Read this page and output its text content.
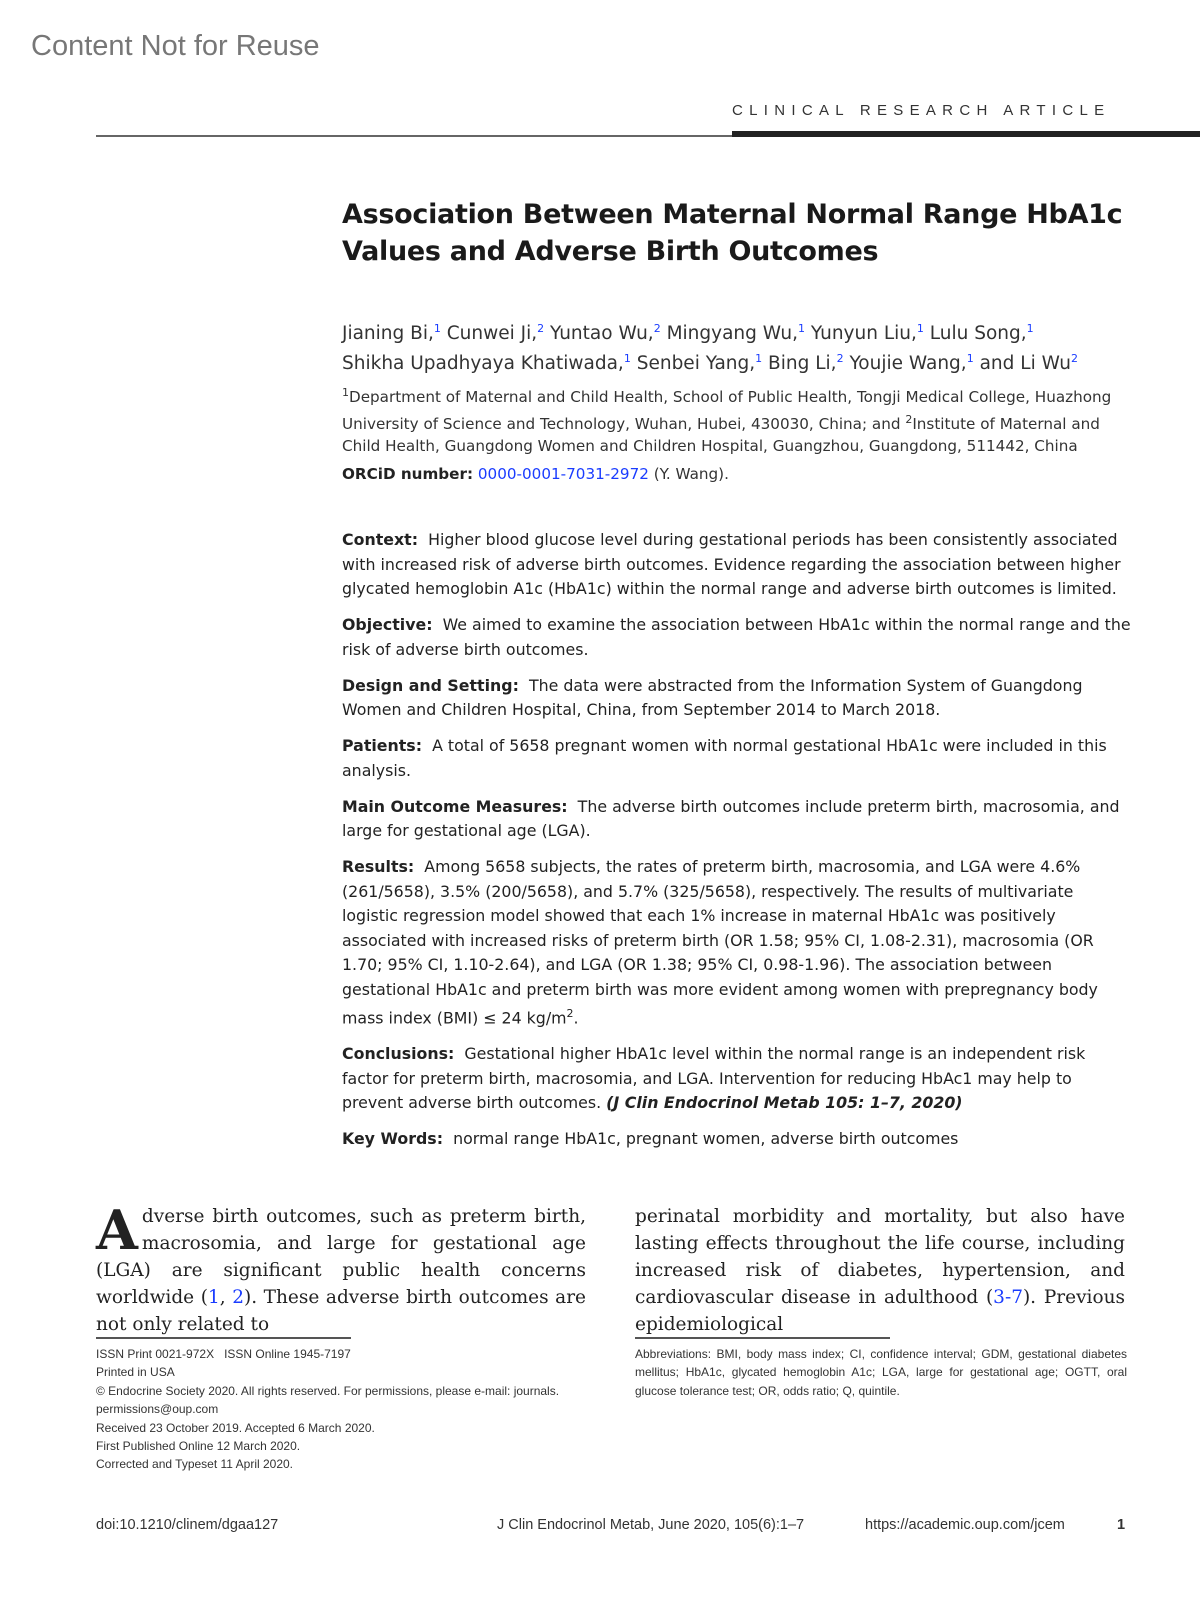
Content Not for Reuse
CLINICAL RESEARCH ARTICLE
Association Between Maternal Normal Range HbA1c
Values and Adverse Birth Outcomes
Jianing Bi,$^1$ Cunwei Ji,$^2$ Yuntao Wu,$^2$ Mingyang Wu,$^1$ Yunyun Liu,$^1$ Lulu Song,$^1$
Shikha Upadhyaya Khatiwada,$^1$ Senbei Yang,$^1$ Bing Li,$^2$ Youjie Wang,$^1$ and Li Wu$^2$
$^1$Department of Maternal and Child Health, School of Public Health, Tongji Medical College, Huazhong University of Science and Technology, Wuhan, Hubei, 430030, China; and $^2$Institute of Maternal and Child Health, Guangdong Women and Children Hospital, Guangzhou, Guangdong, 511442, China
ORCiD number: 0000-0001-7031-2972 (Y. Wang).

Context: Higher blood glucose level during gestational periods has been consistently associated with increased risk of adverse birth outcomes. Evidence regarding the association between higher glycated hemoglobin A1c (HbA1c) within the normal range and adverse birth outcomes is limited.

Objective: We aimed to examine the association between HbA1c within the normal range and the risk of adverse birth outcomes.

Design and Setting: The data were abstracted from the Information System of Guangdong Women and Children Hospital, China, from September 2014 to March 2018.

Patients: A total of 5658 pregnant women with normal gestational HbA1c were included in this analysis.

Main Outcome Measures: The adverse birth outcomes include preterm birth, macrosomia, and large for gestational age (LGA).

Results: Among 5658 subjects, the rates of preterm birth, macrosomia, and LGA were 4.6% (261/5658), 3.5% (200/5658), and 5.7% (325/5658), respectively. The results of multivariate logistic regression model showed that each 1% increase in maternal HbA1c was positively associated with increased risks of preterm birth (OR 1.58; 95% CI, 1.08-2.31), macrosomia (OR 1.70; 95% CI, 1.10-2.64), and LGA (OR 1.38; 95% CI, 0.98-1.96). The association between gestational HbA1c and preterm birth was more evident among women with prepregnancy body mass index (BMI) ≤ 24 $kg/m^2$.

Conclusions: Gestational higher HbA1c level within the normal range is an independent risk factor for preterm birth, macrosomia, and LGA. Intervention for reducing HbAc1 may help to prevent adverse birth outcomes. (J Clin Endocrinol Metab 105: 1–7, 2020)

Key Words: normal range HbA1c, pregnant women, adverse birth outcomes

Adverse birth outcomes, such as preterm birth, macrosomia, and large for gestational age (LGA) are significant public health concerns worldwide (1, 2). These adverse birth outcomes are not only related to
perinatal morbidity and mortality, but also have lasting effects throughout the life course, including increased risk of diabetes, hypertension, and cardiovascular disease in adulthood (3-7). Previous epidemiological
ISSN Print 0021-972X   ISSN Online 1945-7197
Printed in USA
© Endocrine Society 2020. All rights reserved. For permissions, please e-mail: journals.
permissions@oup.com
Received 23 October 2019. Accepted 6 March 2020.
First Published Online 12 March 2020.
Corrected and Typeset 11 April 2020.
Abbreviations: BMI, body mass index; CI, confidence interval; GDM, gestational diabetes mellitus; HbA1c, glycated hemoglobin A1c; LGA, large for gestational age; OGTT, oral glucose tolerance test; OR, odds ratio; Q, quintile.
doi:10.1210/clinem/dgaa127	J Clin Endocrinol Metab, June 2020, 105(6):1–7	https://academic.oup.com/jcem	1
